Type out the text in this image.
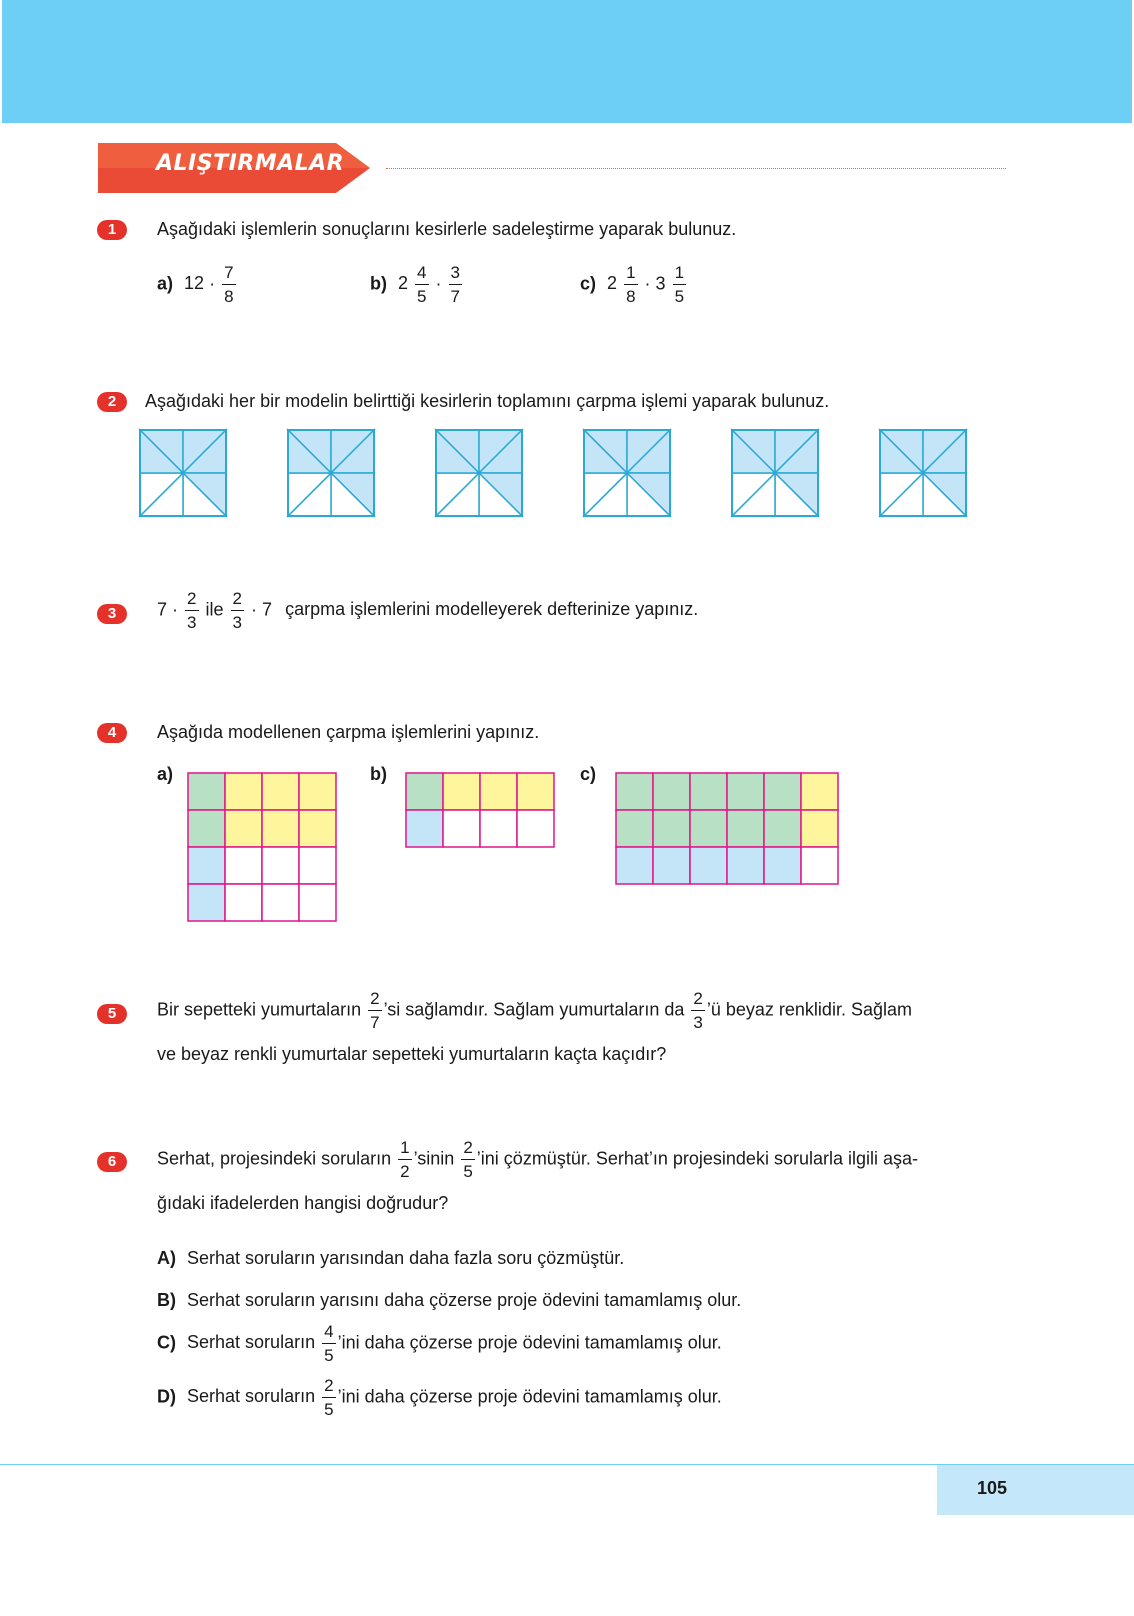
ALIŞTIRMALAR
1	Aşağıdaki işlemlerin sonuçlarını kesirlerle sadeleştirme yaparak bulunuz.
a) $12 \cdot \frac{7}{8}$	b) $2 \frac{4}{5} \cdot \frac{3}{7}$	c) $2 \frac{1}{8} \cdot 3 \frac{1}{5}$
2	Aşağıdaki her bir modelin belirttiği kesirlerin toplamını çarpma işlemi yaparak bulunuz.
3	$7 \cdot \frac{2}{3}$ ile $\frac{2}{3} \cdot 7$ çarpma işlemlerini modelleyerek defterinize yapınız.
4	Aşağıda modellenen çarpma işlemlerini yapınız.
a)	b)	c)
5	Bir sepetteki yumurtaların $\frac{2}{7}$ ’si sağlamdır. Sağlam yumurtaların da $\frac{2}{3}$ ’ü beyaz renklidir. Sağlam
ve beyaz renkli yumurtalar sepetteki yumurtaların kaçta kaçıdır?
6	Serhat, projesindeki soruların $\frac{1}{2}$ ’sinin $\frac{2}{5}$ ’ini çözmüştür. Serhat’ın projesindeki sorularla ilgili aşa-
ğıdaki ifadelerden hangisi doğrudur?
A) Serhat soruların yarısından daha fazla soru çözmüştür.
B) Serhat soruların yarısını daha çözerse proje ödevini tamamlamış olur.
C) Serhat soruların $\frac{4}{5}$ ’ini daha çözerse proje ödevini tamamlamış olur.
D) Serhat soruların $\frac{2}{5}$ ’ini daha çözerse proje ödevini tamamlamış olur.
105
